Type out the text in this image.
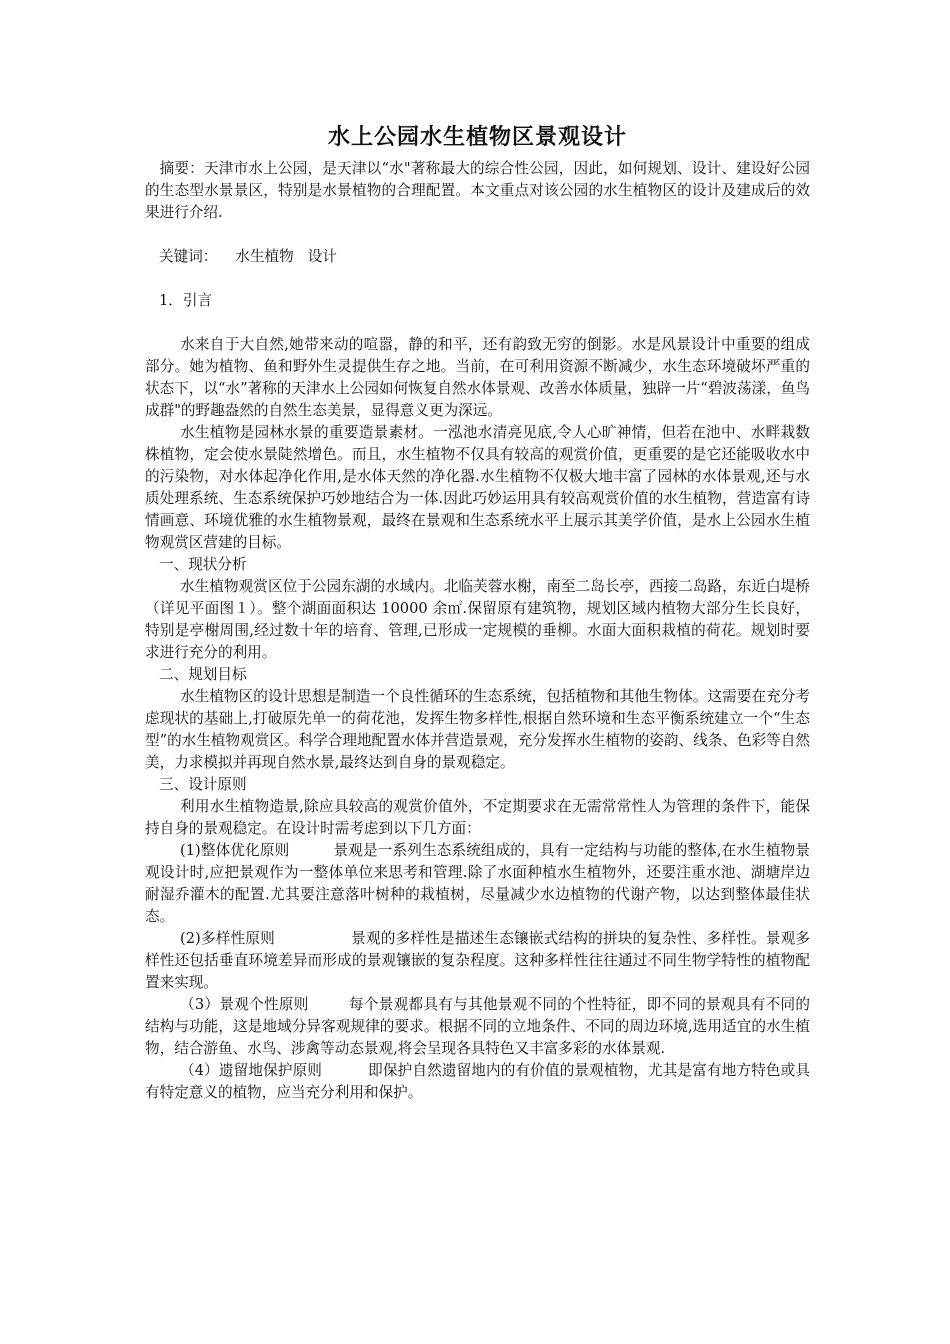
水上公园水生植物区景观设计

摘要：天津市水上公园，是天津以“水"著称最大的综合性公园，因此，如何规划、设计、建设好公园的生态型水景景区，特别是水景植物的合理配置。本文重点对该公园的水生植物区的设计及建成后的效果进行介绍.

关键词： 水生植物 设计

1．引言

水来自于大自然,她带来动的喧嚣，静的和平，还有韵致无穷的倒影。水是风景设计中重要的组成部分。她为植物、鱼和野外生灵提供生存之地。当前，在可利用资源不断减少，水生态环境破坏严重的状态下，以“水”著称的天津水上公园如何恢复自然水体景观、改善水体质量，独辟一片“碧波荡漾，鱼鸟成群"的野趣盎然的自然生态美景，显得意义更为深远。

水生植物是园林水景的重要造景素材。一泓池水清亮见底,令人心旷神情，但若在池中、水畔栽数株植物，定会使水景陡然增色。而且，水生植物不仅具有较高的观赏价值，更重要的是它还能吸收水中的污染物，对水体起净化作用,是水体天然的净化器.水生植物不仅极大地丰富了园林的水体景观,还与水质处理系统、生态系统保护巧妙地结合为一体.因此巧妙运用具有较高观赏价值的水生植物，营造富有诗情画意、环境优雅的水生植物景观，最终在景观和生态系统水平上展示其美学价值，是水上公园水生植物观赏区营建的目标。

一、现状分析

水生植物观赏区位于公园东湖的水域内。北临芙蓉水榭，南至二岛长亭，西接二岛路，东近白堤桥（详见平面图１）。整个湖面面积达 10000 余㎡.保留原有建筑物，规划区域内植物大部分生长良好，特别是亭榭周围,经过数十年的培育、管理,已形成一定规模的垂柳。水面大面积栽植的荷花。规划时要求进行充分的利用。

二、规划目标

水生植物区的设计思想是制造一个良性循环的生态系统，包括植物和其他生物体。这需要在充分考虑现状的基础上,打破原先单一的荷花池，发挥生物多样性,根据自然环境和生态平衡系统建立一个“生态型”的水生植物观赏区。科学合理地配置水体并营造景观，充分发挥水生植物的姿韵、线条、色彩等自然美，力求模拟并再现自然水景,最终达到自身的景观稳定。

三、设计原则

利用水生植物造景,除应具较高的观赏价值外，不定期要求在无需常常性人为管理的条件下，能保持自身的景观稳定。在设计时需考虑到以下几方面：

(1)整体优化原则	景观是一系列生态系统组成的，具有一定结构与功能的整体,在水生植物景观设计时,应把景观作为一整体单位来思考和管理.除了水面种植水生植物外，还要注重水池、湖塘岸边耐湿乔灌木的配置.尤其要注意落叶树种的栽植树，尽量减少水边植物的代谢产物，以达到整体最佳状态。

(2)多样性原则	景观的多样性是描述生态镶嵌式结构的拼块的复杂性、多样性。景观多样性还包括垂直环境差异而形成的景观镶嵌的复杂程度。这种多样性往往通过不同生物学特性的植物配置来实现。

（3）景观个性原则	每个景观都具有与其他景观不同的个性特征，即不同的景观具有不同的结构与功能，这是地域分异客观规律的要求。根据不同的立地条件、不同的周边环境,选用适宜的水生植物，结合游鱼、水鸟、涉禽等动态景观,将会呈现各具特色又丰富多彩的水体景观.

（4）遗留地保护原则	即保护自然遗留地内的有价值的景观植物，尤其是富有地方特色或具有特定意义的植物，应当充分利用和保护。
